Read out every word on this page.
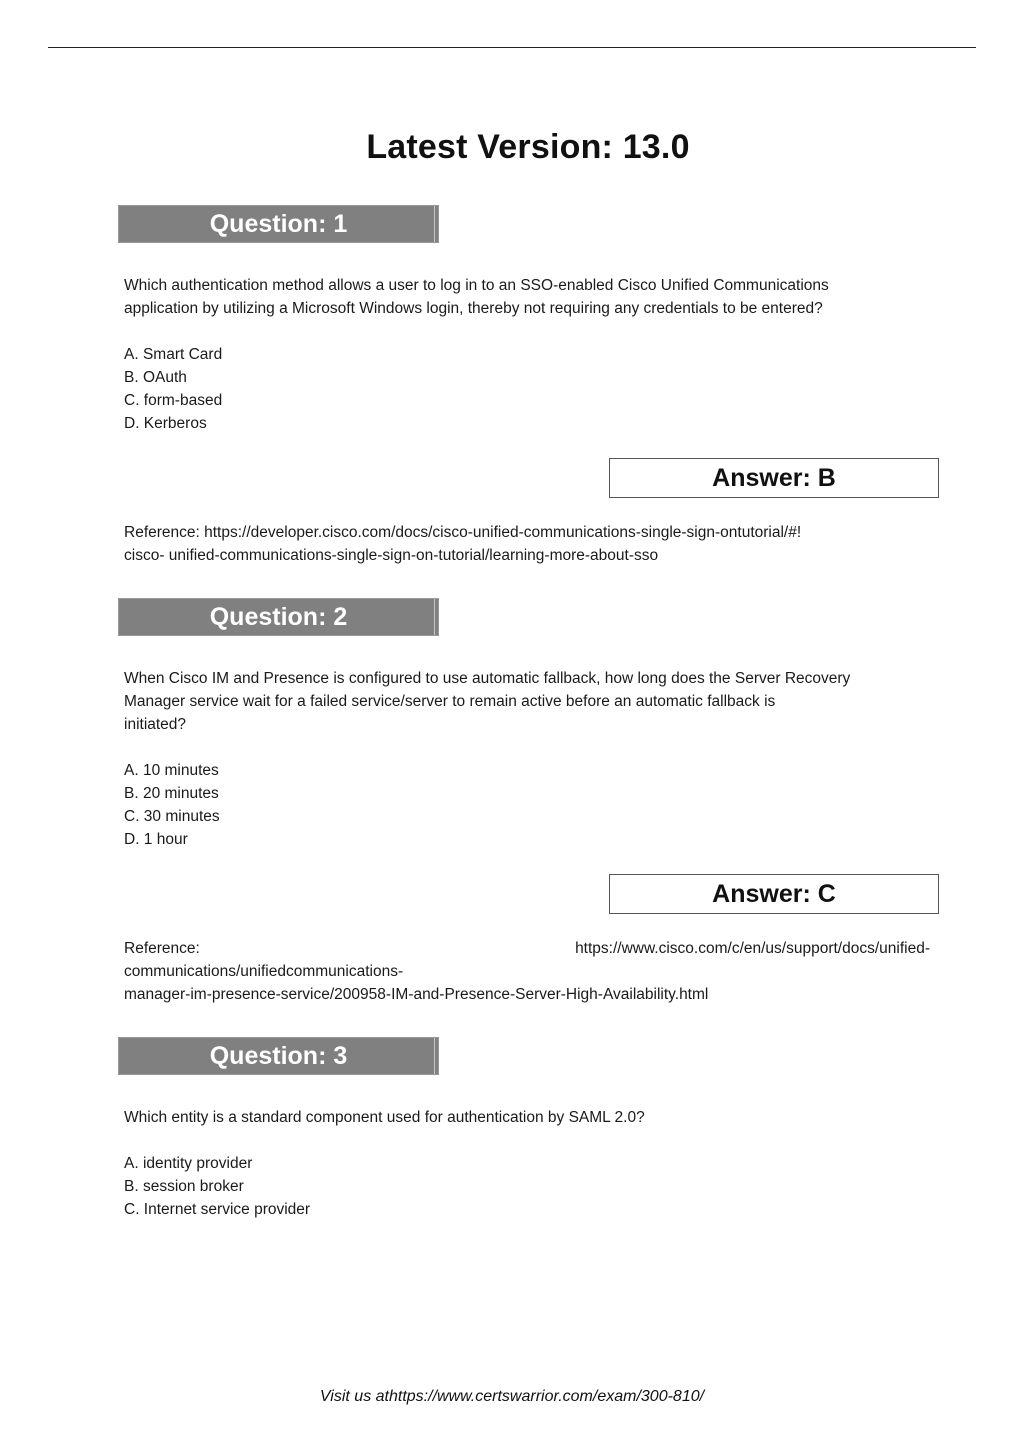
Latest Version: 13.0
Question: 1
Which authentication method allows a user to log in to an SSO-enabled Cisco Unified Communications
application by utilizing a Microsoft Windows login, thereby not requiring any credentials to be entered?
A. Smart Card
B. OAuth
C. form-based
D. Kerberos
Answer: B
Reference: https://developer.cisco.com/docs/cisco-unified-communications-single-sign-ontutorial/#!
cisco- unified-communications-single-sign-on-tutorial/learning-more-about-sso
Question: 2
When Cisco IM and Presence is configured to use automatic fallback, how long does the Server Recovery
Manager service wait for a failed service/server to remain active before an automatic fallback is
initiated?
A. 10 minutes
B. 20 minutes
C. 30 minutes
D. 1 hour
Answer: C
Reference:	https://www.cisco.com/c/en/us/support/docs/unified-
communications/unifiedcommunications-
manager-im-presence-service/200958-IM-and-Presence-Server-High-Availability.html
Question: 3
Which entity is a standard component used for authentication by SAML 2.0?
A. identity provider
B. session broker
C. Internet service provider
Visit us athttps://www.certswarrior.com/exam/300-810/
